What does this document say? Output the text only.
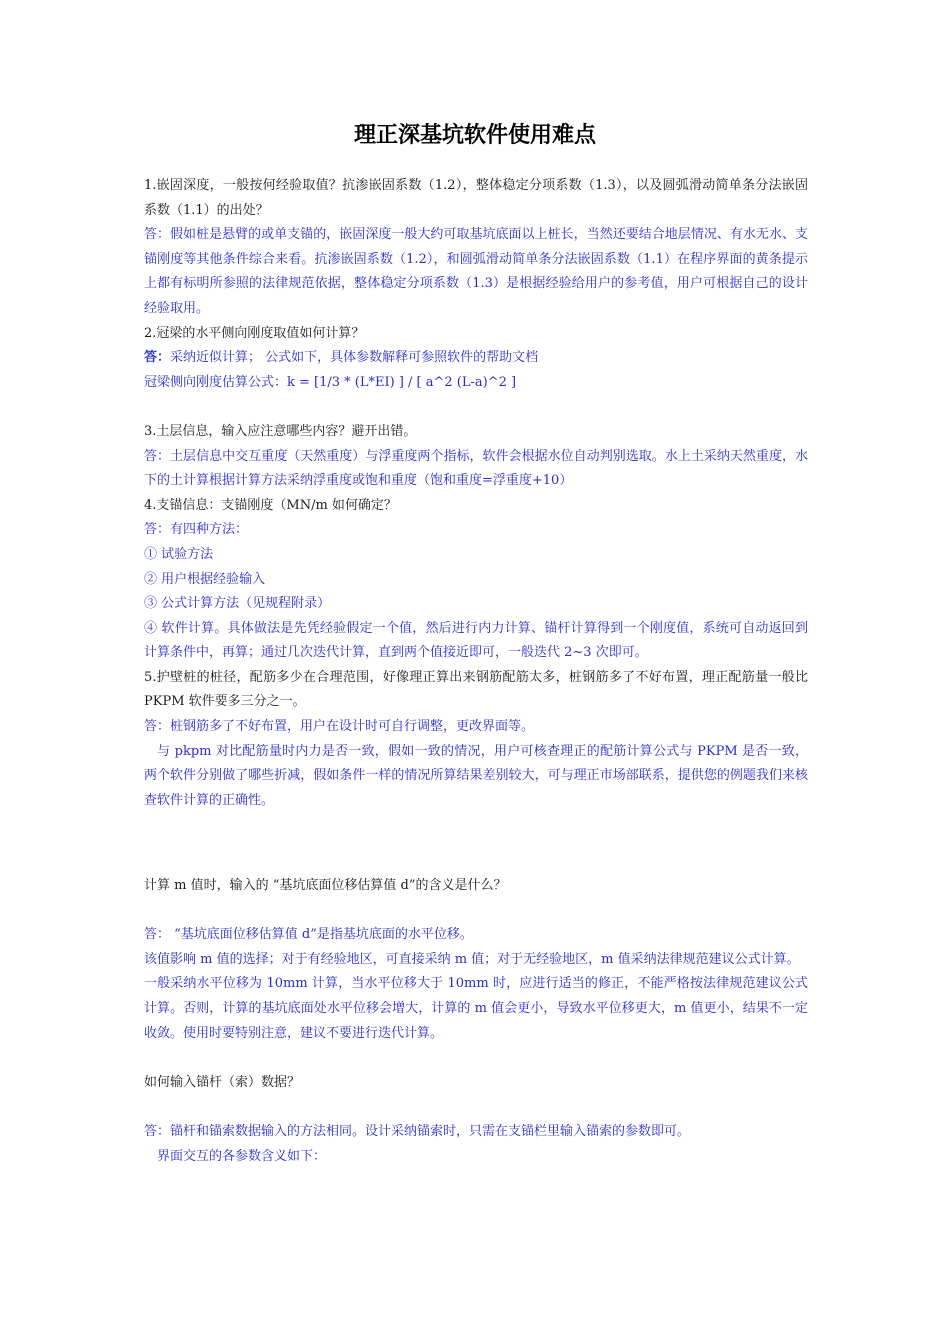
理正深基坑软件使用难点

1.嵌固深度，一般按何经验取值？抗渗嵌固系数（1.2），整体稳定分项系数（1.3），以及圆弧滑动简单条分法嵌固系数（1.1）的出处？

答：假如桩是悬臂的或单支锚的，嵌固深度一般大约可取基坑底面以上桩长，当然还要结合地层情况、有水无水、支锚刚度等其他条件综合来看。抗渗嵌固系数（1.2），和圆弧滑动简单条分法嵌固系数（1.1）在程序界面的黄条提示上都有标明所参照的法律规范依据，整体稳定分项系数（1.3）是根据经验给用户的参考值，用户可根据自己的设计经验取用。

2.冠梁的水平侧向刚度取值如何计算？

答：采纳近似计算； 公式如下，具体参数解释可参照软件的帮助文档

冠梁侧向刚度估算公式：k = [1/3 * (L*EI) ] / [ a^2 (L-a)^2 ]

3.土层信息，输入应注意哪些内容？避开出错。

答：土层信息中交互重度（天然重度）与浮重度两个指标，软件会根据水位自动判别选取。水上土采纳天然重度，水下的土计算根据计算方法采纳浮重度或饱和重度（饱和重度=浮重度+10）

4.支锚信息：支锚刚度（MN/m 如何确定？

答：有四种方法：

① 试验方法

② 用户根据经验输入

③ 公式计算方法（见规程附录）

④ 软件计算。具体做法是先凭经验假定一个值，然后进行内力计算、锚杆计算得到一个刚度值，系统可自动返回到计算条件中，再算；通过几次迭代计算，直到两个值接近即可，一般迭代 2~3 次即可。

5.护壁桩的桩径，配筋多少在合理范围，好像理正算出来钢筋配筋太多，桩钢筋多了不好布置，理正配筋量一般比 PKPM 软件要多三分之一。

答：桩钢筋多了不好布置，用户在设计时可自行调整，更改界面等。

与 pkpm 对比配筋量时内力是否一致，假如一致的情况，用户可核查理正的配筋计算公式与 PKPM 是否一致，两个软件分别做了哪些折减，假如条件一样的情况所算结果差别较大，可与理正市场部联系，提供您的例题我们来核查软件计算的正确性。

计算 m 值时，输入的 “基坑底面位移估算值 d”的含义是什么？

答： “基坑底面位移估算值 d”是指基坑底面的水平位移。

该值影响 m 值的选择；对于有经验地区，可直接采纳 m 值；对于无经验地区，m 值采纳法律规范建议公式计算。

一般采纳水平位移为 10mm 计算，当水平位移大于 10mm 时，应进行适当的修正，不能严格按法律规范建议公式计算。否则，计算的基坑底面处水平位移会增大，计算的 m 值会更小，导致水平位移更大，m 值更小，结果不一定收敛。使用时要特别注意，建议不要进行迭代计算。

如何输入锚杆（索）数据？

答：锚杆和锚索数据输入的方法相同。设计采纳锚索时，只需在支锚栏里输入锚索的参数即可。

界面交互的各参数含义如下：
